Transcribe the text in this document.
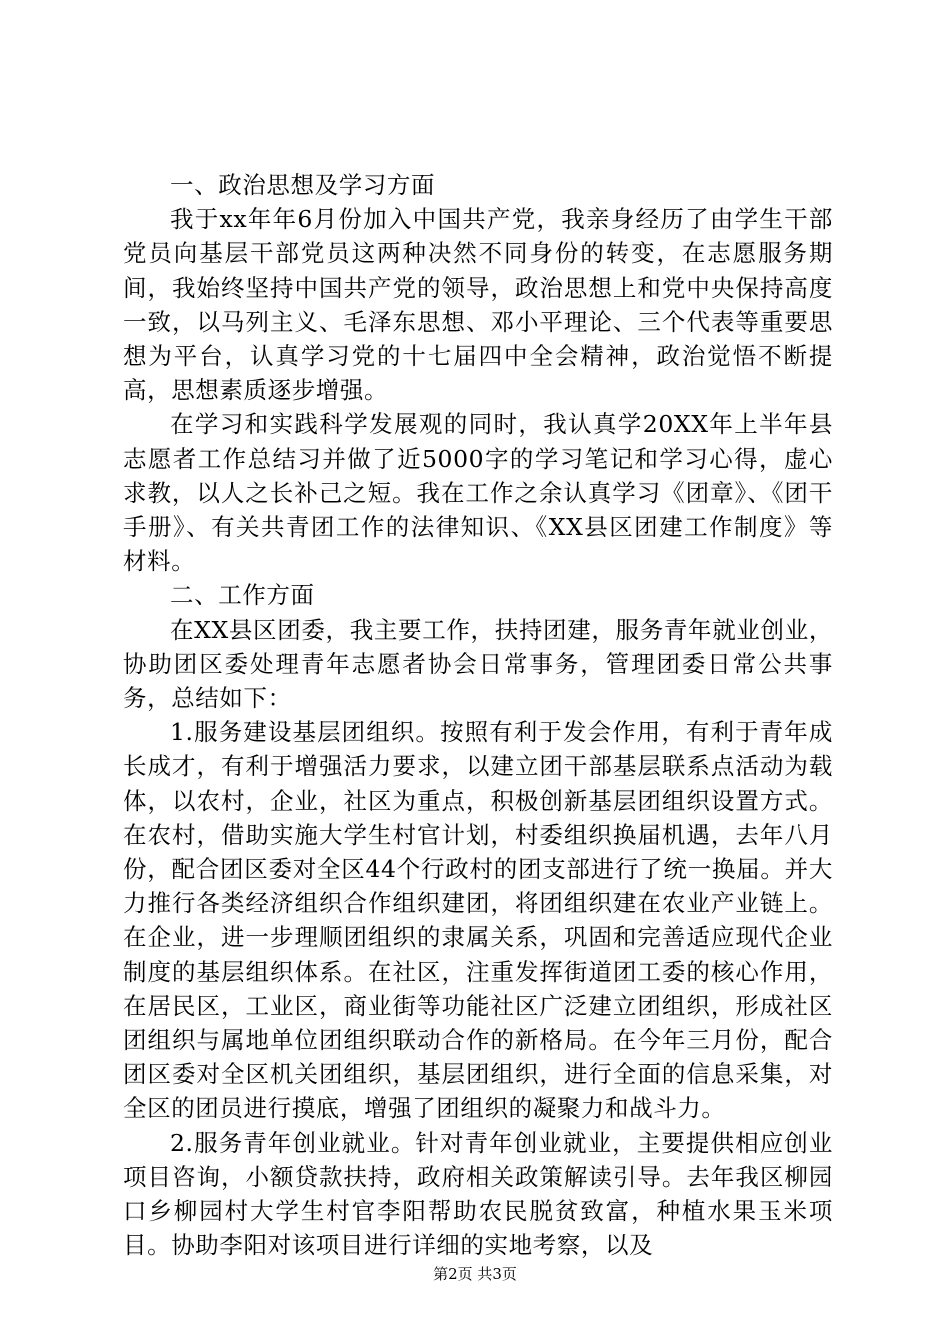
一、政治思想及学习方面

我于xx年年6月份加入中国共产党，我亲身经历了由学生干部党员向基层干部党员这两种决然不同身份的转变，在志愿服务期间，我始终坚持中国共产党的领导，政治思想上和党中央保持高度一致，以马列主义、毛泽东思想、邓小平理论、三个代表等重要思想为平台，认真学习党的十七届四中全会精神，政治觉悟不断提高，思想素质逐步增强。

在学习和实践科学发展观的同时，我认真学20XX年上半年县志愿者工作总结习并做了近5000字的学习笔记和学习心得，虚心求教，以人之长补己之短。我在工作之余认真学习《团章》、《团干手册》、有关共青团工作的法律知识、《XX县区团建工作制度》等材料。

二、工作方面

在XX县区团委，我主要工作，扶持团建，服务青年就业创业，协助团区委处理青年志愿者协会日常事务，管理团委日常公共事务，总结如下：

1.服务建设基层团组织。按照有利于发会作用，有利于青年成长成才，有利于增强活力要求，以建立团干部基层联系点活动为载体，以农村，企业，社区为重点，积极创新基层团组织设置方式。在农村，借助实施大学生村官计划，村委组织换届机遇，去年八月份，配合团区委对全区44个行政村的团支部进行了统一换届。并大力推行各类经济组织合作组织建团，将团组织建在农业产业链上。在企业，进一步理顺团组织的隶属关系，巩固和完善适应现代企业制度的基层组织体系。在社区，注重发挥街道团工委的核心作用，在居民区，工业区，商业街等功能社区广泛建立团组织，形成社区团组织与属地单位团组织联动合作的新格局。在今年三月份，配合团区委对全区机关团组织，基层团组织，进行全面的信息采集，对全区的团员进行摸底，增强了团组织的凝聚力和战斗力。

2.服务青年创业就业。针对青年创业就业，主要提供相应创业项目咨询，小额贷款扶持，政府相关政策解读引导。去年我区柳园口乡柳园村大学生村官李阳帮助农民脱贫致富，种植水果玉米项目。协助李阳对该项目进行详细的实地考察，以及

第2页 共3页
